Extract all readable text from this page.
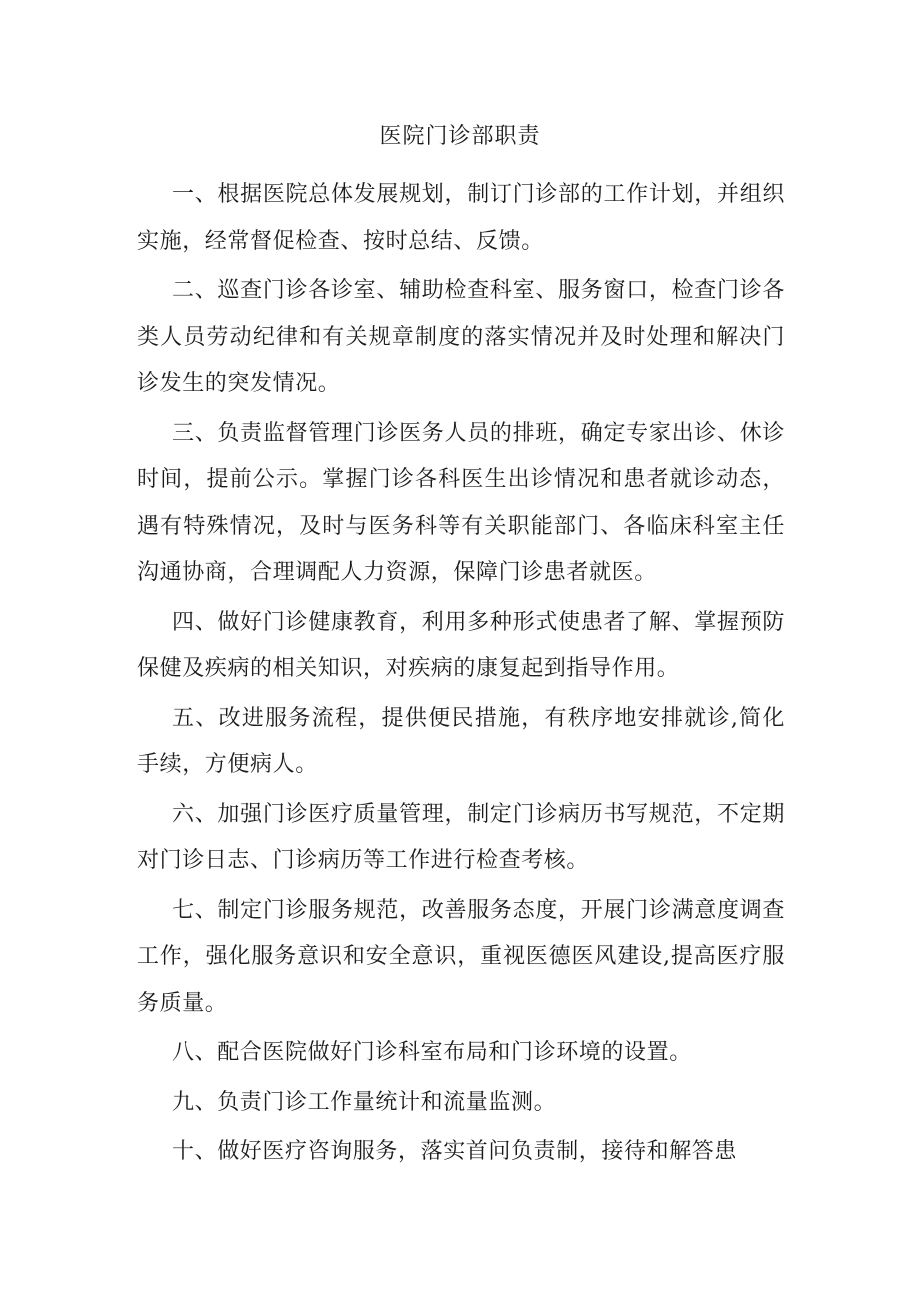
医院门诊部职责

一、根据医院总体发展规划，制订门诊部的工作计划，并组织实施，经常督促检查、按时总结、反馈。

二、巡查门诊各诊室、辅助检查科室、服务窗口，检查门诊各类人员劳动纪律和有关规章制度的落实情况并及时处理和解决门诊发生的突发情况。

三、负责监督管理门诊医务人员的排班，确定专家出诊、休诊时间，提前公示。掌握门诊各科医生出诊情况和患者就诊动态，遇有特殊情况，及时与医务科等有关职能部门、各临床科室主任沟通协商，合理调配人力资源，保障门诊患者就医。

四、做好门诊健康教育，利用多种形式使患者了解、掌握预防保健及疾病的相关知识，对疾病的康复起到指导作用。

五、改进服务流程，提供便民措施，有秩序地安排就诊,简化手续，方便病人。

六、加强门诊医疗质量管理，制定门诊病历书写规范，不定期对门诊日志、门诊病历等工作进行检查考核。

七、制定门诊服务规范，改善服务态度，开展门诊满意度调查工作，强化服务意识和安全意识，重视医德医风建设,提高医疗服务质量。

八、配合医院做好门诊科室布局和门诊环境的设置。

九、负责门诊工作量统计和流量监测。

十、做好医疗咨询服务，落实首问负责制，接待和解答患
